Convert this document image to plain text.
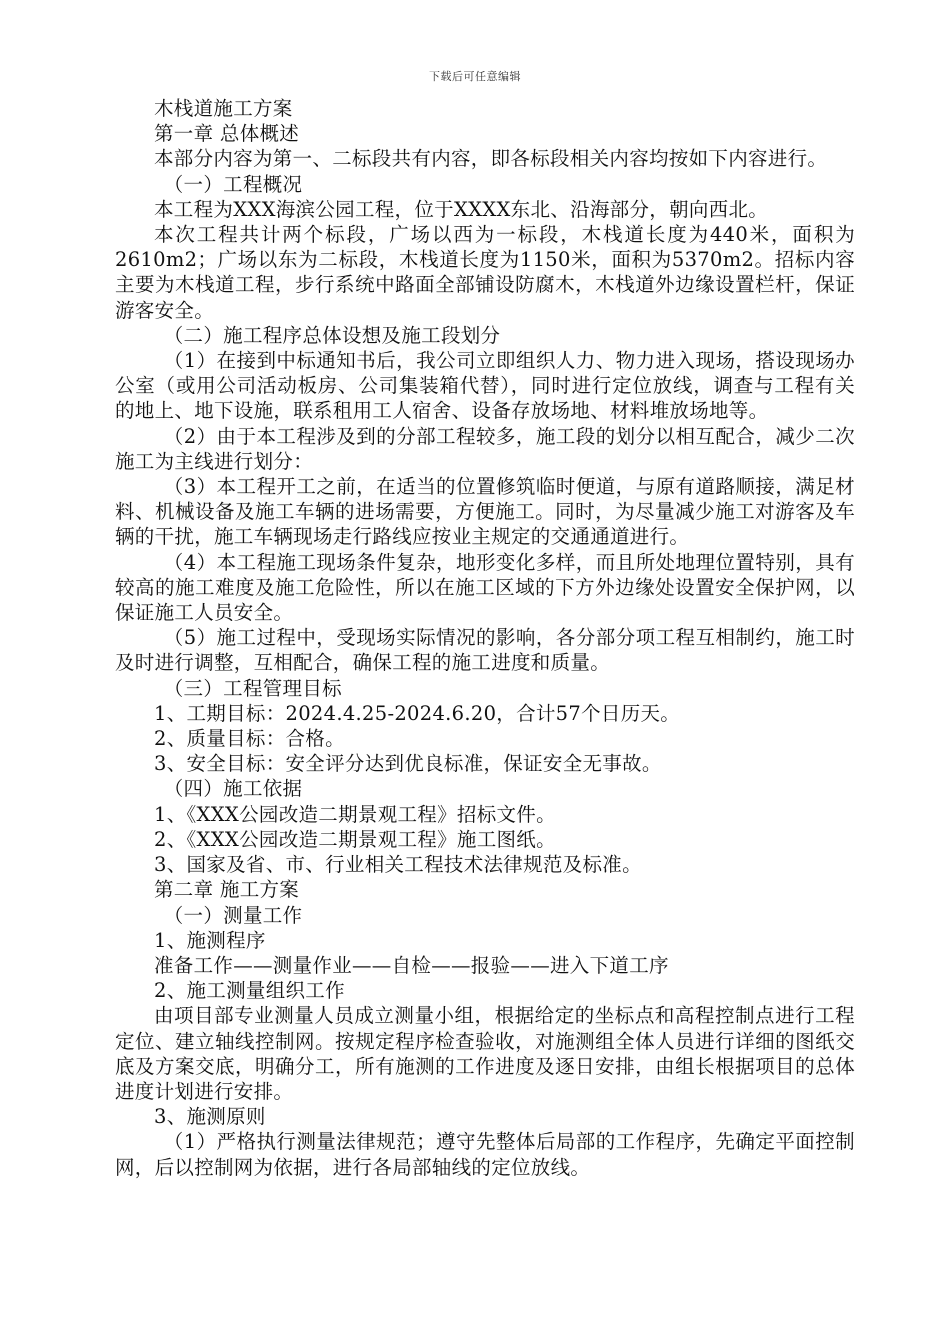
下载后可任意编辑

木栈道施工方案

第一章 总体概述

本部分内容为第一、二标段共有内容，即各标段相关内容均按如下内容进行。

（一）工程概况

本工程为XXX海滨公园工程，位于XXXX东北、沿海部分，朝向西北。

本次工程共计两个标段，广场以西为一标段，木栈道长度为440米，面积为2610m2；广场以东为二标段，木栈道长度为1150米，面积为5370m2。招标内容主要为木栈道工程，步行系统中路面全部铺设防腐木，木栈道外边缘设置栏杆，保证游客安全。

（二）施工程序总体设想及施工段划分

（1）在接到中标通知书后，我公司立即组织人力、物力进入现场，搭设现场办公室（或用公司活动板房、公司集装箱代替），同时进行定位放线，调查与工程有关的地上、地下设施，联系租用工人宿舍、设备存放场地、材料堆放场地等。

（2）由于本工程涉及到的分部工程较多，施工段的划分以相互配合，减少二次施工为主线进行划分：

（3）本工程开工之前，在适当的位置修筑临时便道，与原有道路顺接，满足材料、机械设备及施工车辆的进场需要，方便施工。同时，为尽量减少施工对游客及车辆的干扰，施工车辆现场走行路线应按业主规定的交通通道进行。

（4）本工程施工现场条件复杂，地形变化多样，而且所处地理位置特别，具有较高的施工难度及施工危险性，所以在施工区域的下方外边缘处设置安全保护网，以保证施工人员安全。

（5）施工过程中，受现场实际情况的影响，各分部分项工程互相制约，施工时及时进行调整，互相配合，确保工程的施工进度和质量。

（三）工程管理目标

1、工期目标：2024.4.25-2024.6.20，合计57个日历天。

2、质量目标：合格。

3、安全目标：安全评分达到优良标准，保证安全无事故。

（四）施工依据

1、《XXX公园改造二期景观工程》招标文件。

2、《XXX公园改造二期景观工程》施工图纸。

3、国家及省、市、行业相关工程技术法律规范及标准。

第二章 施工方案

（一）测量工作

1、施测程序

准备工作——测量作业——自检——报验——进入下道工序

2、施工测量组织工作

由项目部专业测量人员成立测量小组，根据给定的坐标点和高程控制点进行工程定位、建立轴线控制网。按规定程序检查验收，对施测组全体人员进行详细的图纸交底及方案交底，明确分工，所有施测的工作进度及逐日安排，由组长根据项目的总体进度计划进行安排。

3、施测原则

（1）严格执行测量法律规范；遵守先整体后局部的工作程序，先确定平面控制网，后以控制网为依据，进行各局部轴线的定位放线。
